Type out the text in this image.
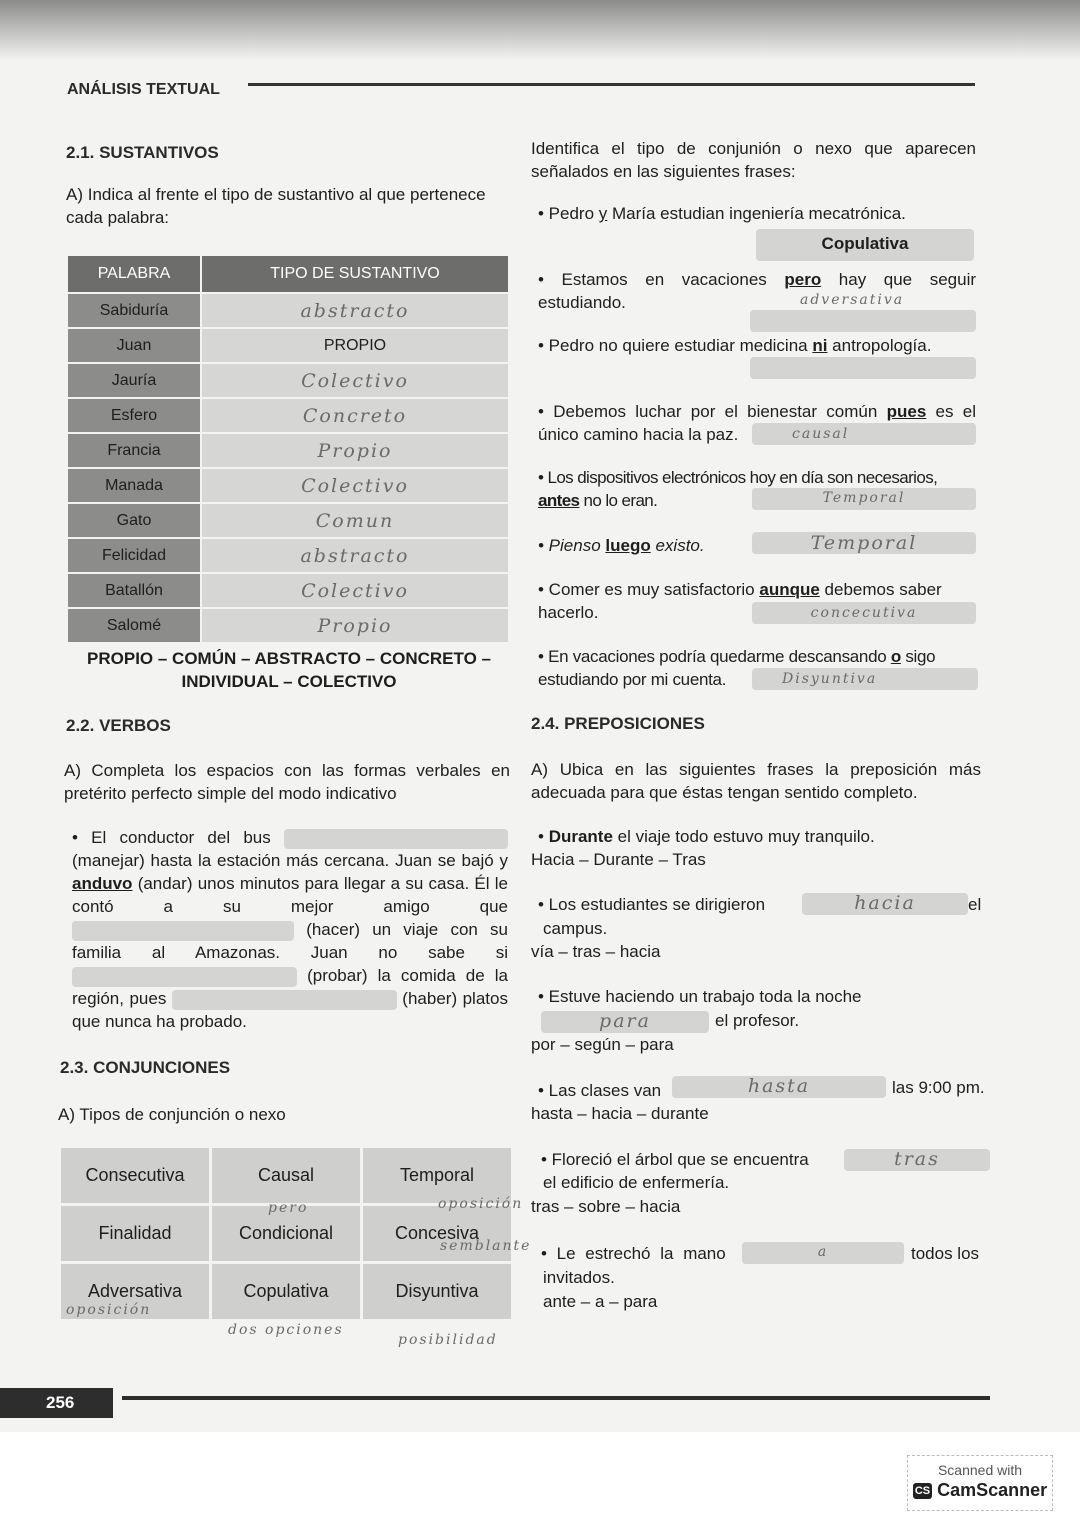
ANÁLISIS TEXTUAL
2.1. SUSTANTIVOS
A) Indica al frente el tipo de sustantivo al que pertenece cada palabra:
PALABRA	TIPO DE SUSTANTIVO
Sabiduría	abstracto
Juan	PROPIO
Jauría	Colectivo
Esfero	Concreto
Francia	Propio
Manada	Colectivo
Gato	Comun
Felicidad	abstracto
Batallón	Colectivo
Salomé	Propio
PROPIO – COMÚN – ABSTRACTO – CONCRETO –
INDIVIDUAL – COLECTIVO
2.2. VERBOS
A) Completa los espacios con las formas verbales en pretérito perfecto simple del modo indicativo
• El conductor del bus  (manejar) hasta la estación más cercana. Juan se bajó y anduvo (andar) unos minutos para llegar a su casa. Él le contó a su mejor amigo que  (hacer) un viaje con su familia al Amazonas. Juan no sabe si  (probar) la comida de la región, pues	(haber) platos que nunca ha probado.
2.3. CONJUNCIONES
A) Tipos de conjunción o nexo
Consecutiva	Causal	Temporal
Finalidad	Condicional	Concesiva
Adversativa	Copulativa	Disyuntiva
pero	oposición
semblante
oposición
dos opciones
posibilidad
Identifica el tipo de conjunión o nexo que aparecen señalados en las siguientes frases:
• Pedro y María estudian ingeniería mecatrónica.
Copulativa
• Estamos en vacaciones pero hay que seguir estudiando.	adversativa
• Pedro no quiere estudiar medicina ni antropología.
• Debemos luchar por el bienestar común pues es el único camino hacia la paz.	causal
• Los dispositivos electrónicos hoy en día son necesarios, antes no lo eran.	Temporal
• Pienso luego existo.	Temporal
• Comer es muy satisfactorio aunque debemos saber hacerlo.	concecutiva
• En vacaciones podría quedarme descansando o sigo estudiando por mi cuenta.	Disyuntiva
2.4. PREPOSICIONES
A) Ubica en las siguientes frases la preposición más adecuada para que éstas tengan sentido completo.
• Durante el viaje todo estuvo muy tranquilo.
Hacia – Durante – Tras
• Los estudiantes se dirigieron	hacia	el
campus.
vía – tras – hacia
• Estuve haciendo un trabajo toda la noche
para	el profesor.
por – según – para
• Las clases van	hasta	las 9:00 pm.
hasta – hacia – durante
• Floreció el árbol que se encuentra	tras
el edificio de enfermería.
tras – sobre – hacia
• Le estrechó la mano	a	todos los
invitados.
ante – a – para
256
Scanned with
CS CamScanner
